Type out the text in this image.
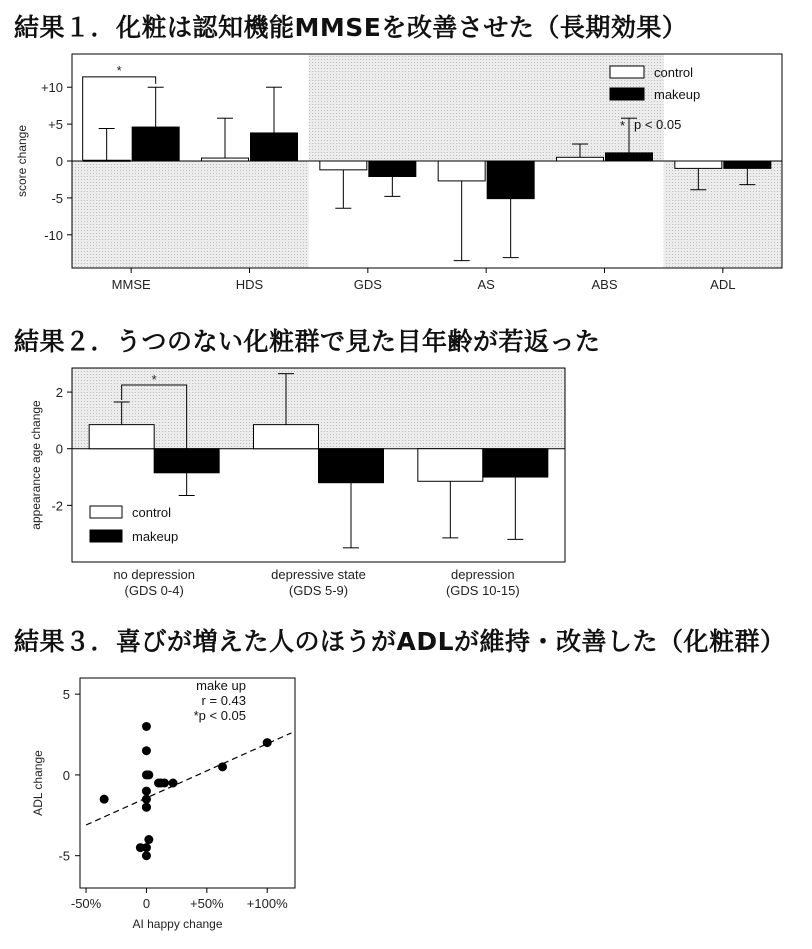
結果１．化粧は認知機能MMSEを改善させた（長期効果）
+10
+5
0
-5
-10
score change
MMSE	HDS	GDS	AS	ABS	ADL
*	control
makeup
* p < 0.05
結果２．うつのない化粧群で見た目年齢が若返った
2
0
-2
appearance age change
no depression (GDS 0-4)
depressive state (GDS 5-9)
depression (GDS 10-15)
*
control
makeup
結果３．喜びが増えた人のほうがADLが維持・改善した（化粧群）
-50%	0	+50% +100%
5
0
-5
AI happy change
ADL change
make up
r = 0.43
*p < 0.05
